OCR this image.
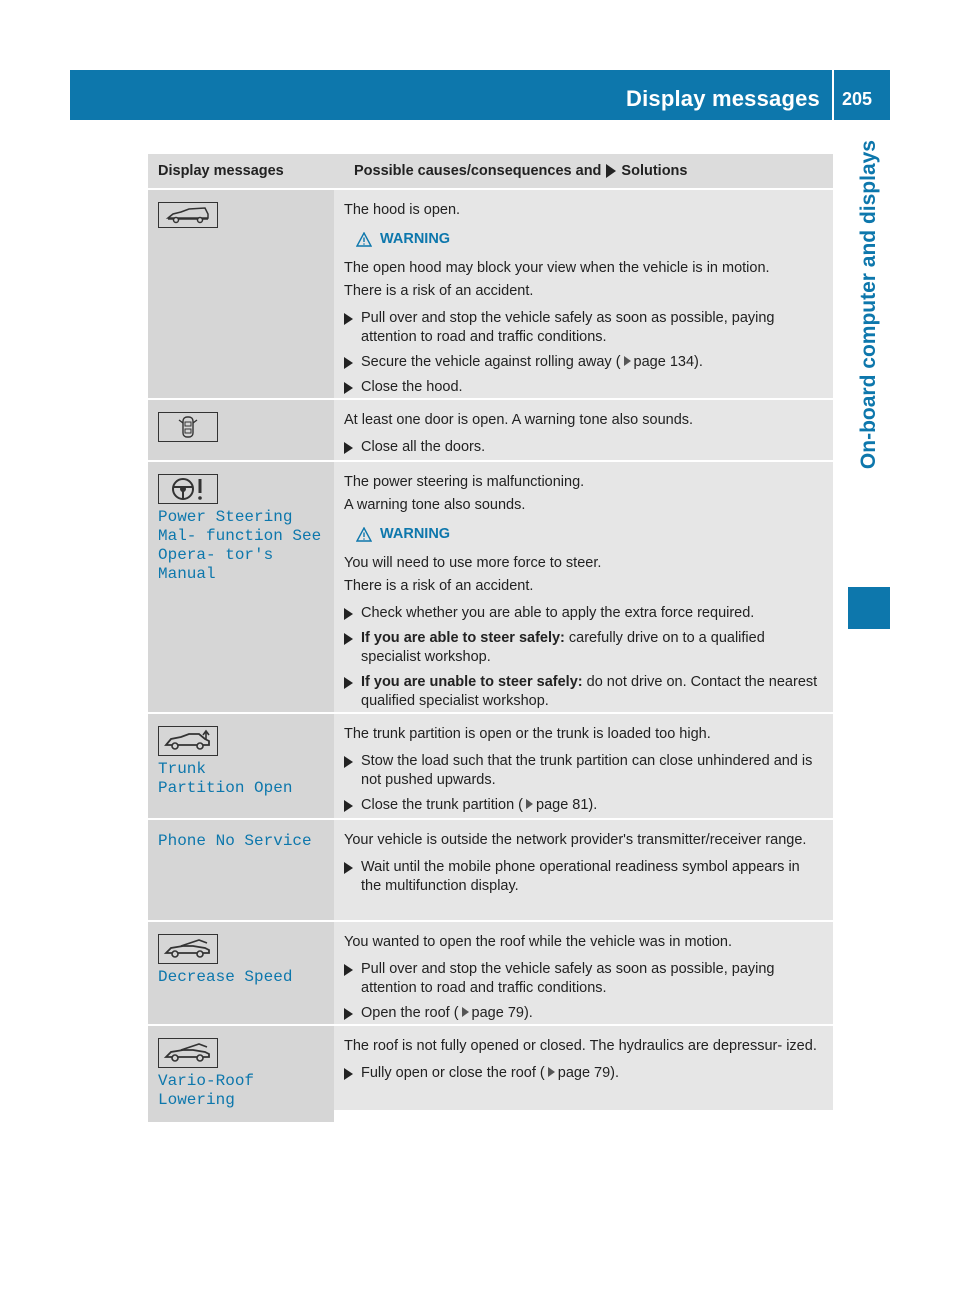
Display messages 205
On-board computer and displays
Display messages	Possible causes/consequences and Solutions

The hood is open.

WARNING

The open hood may block your view when the vehicle is in motion.

There is a risk of an accident.

Pull over and stop the vehicle safely as soon as possible, paying attention to road and traffic conditions.
Secure the vehicle against rolling away ( page 134).
Close the hood.

At least one door is open. A warning tone also sounds.

Close all the doors.
Power Steering Mal‑ function See Opera‑ tor's Manual

The power steering is malfunctioning.

A warning tone also sounds.

WARNING

You will need to use more force to steer.

There is a risk of an accident.

Check whether you are able to apply the extra force required.
If you are able to steer safely: carefully drive on to a qualified specialist workshop.
If you are unable to steer safely: do not drive on. Contact the nearest qualified specialist workshop.
Trunk Partition Open

The trunk partition is open or the trunk is loaded too high.

Stow the load such that the trunk partition can close unhindered and is not pushed upwards.
Close the trunk partition ( page 81).
Phone No Service	Your vehicle is outside the network provider's transmitter/receiver range.

Wait until the mobile phone operational readiness symbol appears in the multifunction display.
Decrease Speed

You wanted to open the roof while the vehicle was in motion.

Pull over and stop the vehicle safely as soon as possible, paying attention to road and traffic conditions.
Open the roof ( page 79).
Vario-Roof Lowering

The roof is not fully opened or closed. The hydraulics are depressur- ized.

Fully open or close the roof ( page 79).
